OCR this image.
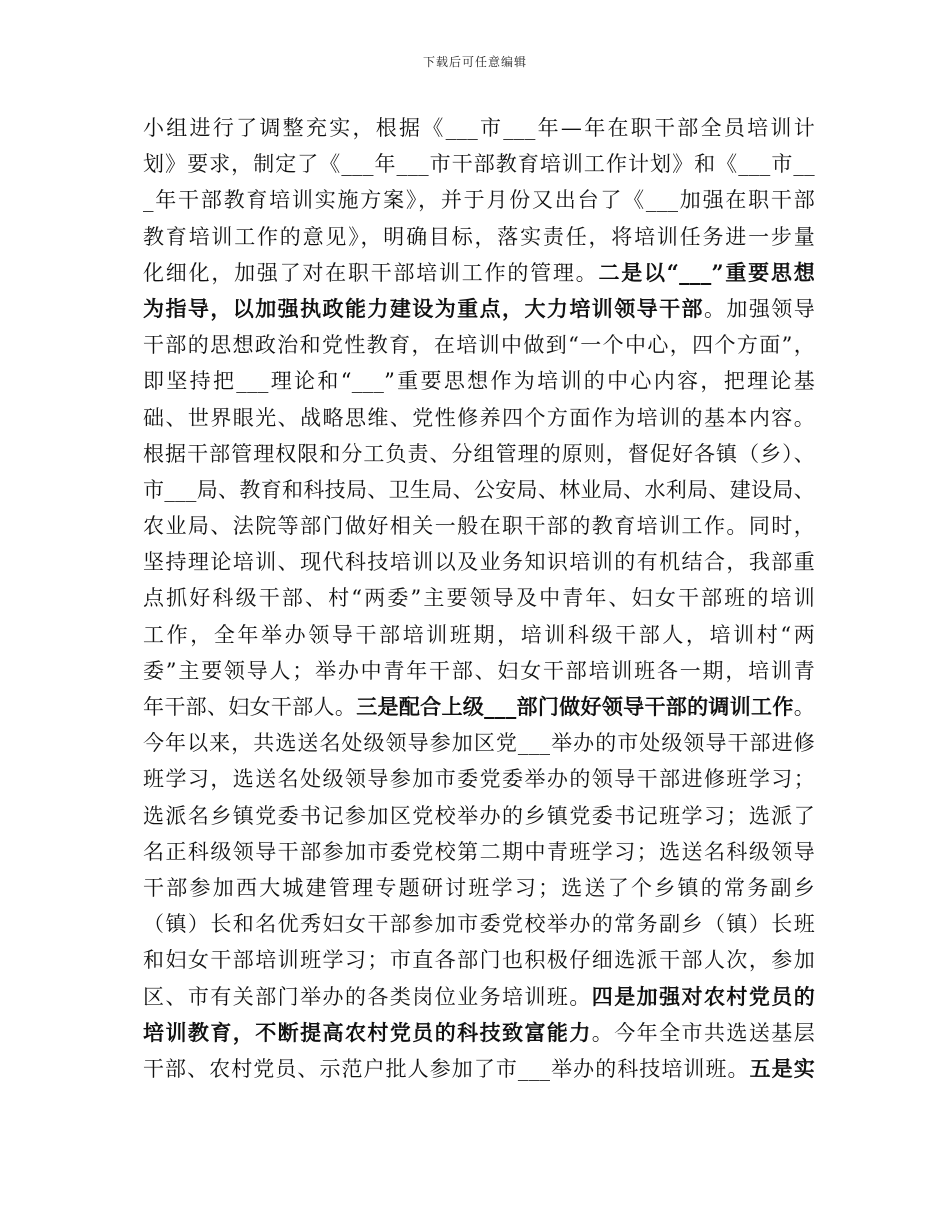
下载后可任意编辑
小组进行了调整充实，根据《___市___年—年在职干部全员培训计
划》要求，制定了《___年___市干部教育培训工作计划》和《___市__
_年干部教育培训实施方案》，并于月份又出台了《___加强在职干部
教育培训工作的意见》，明确目标，落实责任，将培训任务进一步量
化细化，加强了对在职干部培训工作的管理。二是以“___”重要思想
为指导，以加强执政能力建设为重点，大力培训领导干部。加强领导
干部的思想政治和党性教育，在培训中做到“一个中心，四个方面”，
即坚持把___理论和“___”重要思想作为培训的中心内容，把理论基
础、世界眼光、战略思维、党性修养四个方面作为培训的基本内容。
根据干部管理权限和分工负责、分组管理的原则，督促好各镇（乡）、
市___局、教育和科技局、卫生局、公安局、林业局、水利局、建设局、
农业局、法院等部门做好相关一般在职干部的教育培训工作。同时，
坚持理论培训、现代科技培训以及业务知识培训的有机结合，我部重
点抓好科级干部、村“两委”主要领导及中青年、妇女干部班的培训
工作，全年举办领导干部培训班期，培训科级干部人，培训村“两
委”主要领导人；举办中青年干部、妇女干部培训班各一期，培训青
年干部、妇女干部人。三是配合上级___部门做好领导干部的调训工作。
今年以来，共选送名处级领导参加区党___举办的市处级领导干部进修
班学习，选送名处级领导参加市委党委举办的领导干部进修班学习；
选派名乡镇党委书记参加区党校举办的乡镇党委书记班学习；选派了
名正科级领导干部参加市委党校第二期中青班学习；选送名科级领导
干部参加西大城建管理专题研讨班学习；选送了个乡镇的常务副乡
（镇）长和名优秀妇女干部参加市委党校举办的常务副乡（镇）长班
和妇女干部培训班学习；市直各部门也积极仔细选派干部人次，参加
区、市有关部门举办的各类岗位业务培训班。四是加强对农村党员的
培训教育，不断提高农村党员的科技致富能力。今年全市共选送基层
干部、农村党员、示范户批人参加了市___举办的科技培训班。五是实
